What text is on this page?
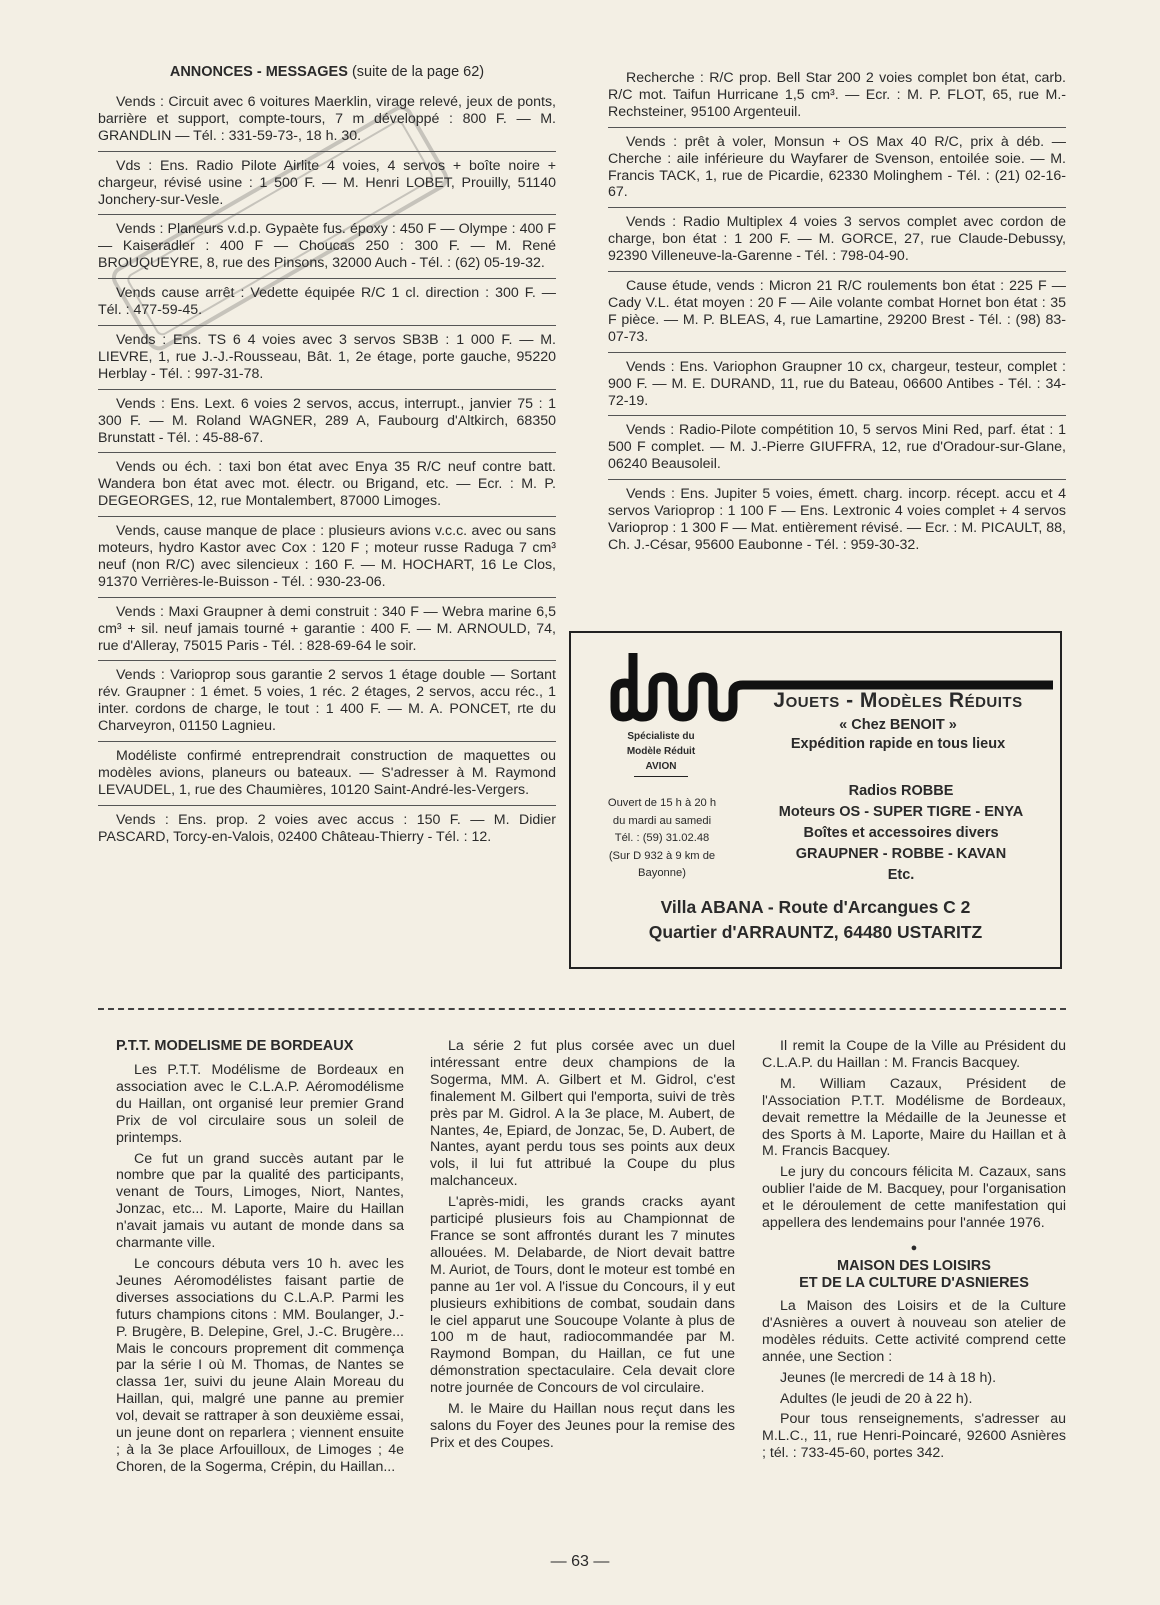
ANNONCES - MESSAGES (suite de la page 62)

Vends : Circuit avec 6 voitures Maerklin, virage relevé, jeux de ponts, barrière et support, compte-tours, 7 m développé : 800 F. — M. GRANDLIN — Tél. : 331-59-73-, 18 h. 30.

Vds : Ens. Radio Pilote Airlite 4 voies, 4 servos + boîte noire + chargeur, révisé usine : 1 500 F. — M. Henri LOBET, Prouilly, 51140 Jonchery-sur-Vesle.

Vends : Planeurs v.d.p. Gypaète fus. époxy : 450 F — Olympe : 400 F — Kaiseradler : 400 F — Choucas 250 : 300 F. — M. René BROUQUEYRE, 8, rue des Pinsons, 32000 Auch - Tél. : (62) 05-19-32.

Vends cause arrêt : Vedette équipée R/C 1 cl. direction : 300 F. — Tél. : 477-59-45.

Vends : Ens. TS 6 4 voies avec 3 servos SB3B : 1 000 F. — M. LIEVRE, 1, rue J.-J.-Rousseau, Bât. 1, 2e étage, porte gauche, 95220 Herblay - Tél. : 997-31-78.

Vends : Ens. Lext. 6 voies 2 servos, accus, interrupt., janvier 75 : 1 300 F. — M. Roland WAGNER, 289 A, Faubourg d'Altkirch, 68350 Brunstatt - Tél. : 45-88-67.

Vends ou éch. : taxi bon état avec Enya 35 R/C neuf contre batt. Wandera bon état avec mot. électr. ou Brigand, etc. — Ecr. : M. P. DEGEORGES, 12, rue Montalembert, 87000 Limoges.

Vends, cause manque de place : plusieurs avions v.c.c. avec ou sans moteurs, hydro Kastor avec Cox : 120 F ; moteur russe Raduga 7 cm³ neuf (non R/C) avec silencieux : 160 F. — M. HOCHART, 16 Le Clos, 91370 Verrières-le-Buisson - Tél. : 930-23-06.

Vends : Maxi Graupner à demi construit : 340 F — Webra marine 6,5 cm³ + sil. neuf jamais tourné + garantie : 400 F. — M. ARNOULD, 74, rue d'Alleray, 75015 Paris - Tél. : 828-69-64 le soir.

Vends : Varioprop sous garantie 2 servos 1 étage double — Sortant rév. Graupner : 1 émet. 5 voies, 1 réc. 2 étages, 2 servos, accu réc., 1 inter. cordons de charge, le tout : 1 400 F. — M. A. PONCET, rte du Charveyron, 01150 Lagnieu.

Modéliste confirmé entreprendrait construction de maquettes ou modèles avions, planeurs ou bateaux. — S'adresser à M. Raymond LEVAUDEL, 1, rue des Chaumières, 10120 Saint-André-les-Vergers.

Vends : Ens. prop. 2 voies avec accus : 150 F. — M. Didier PASCARD, Torcy-en-Valois, 02400 Château-Thierry - Tél. : 12.

Recherche : R/C prop. Bell Star 200 2 voies complet bon état, carb. R/C mot. Taifun Hurricane 1,5 cm³. — Ecr. : M. P. FLOT, 65, rue M.-Rechsteiner, 95100 Argenteuil.

Vends : prêt à voler, Monsun + OS Max 40 R/C, prix à déb. — Cherche : aile inférieure du Wayfarer de Svenson, entoilée soie. — M. Francis TACK, 1, rue de Picardie, 62330 Molinghem - Tél. : (21) 02-16-67.

Vends : Radio Multiplex 4 voies 3 servos complet avec cordon de charge, bon état : 1 200 F. — M. GORCE, 27, rue Claude-Debussy, 92390 Villeneuve-la-Garenne - Tél. : 798-04-90.

Cause étude, vends : Micron 21 R/C roulements bon état : 225 F — Cady V.L. état moyen : 20 F — Aile volante combat Hornet bon état : 35 F pièce. — M. P. BLEAS, 4, rue Lamartine, 29200 Brest - Tél. : (98) 83-07-73.

Vends : Ens. Variophon Graupner 10 cx, chargeur, testeur, complet : 900 F. — M. E. DURAND, 11, rue du Bateau, 06600 Antibes - Tél. : 34-72-19.

Vends : Radio-Pilote compétition 10, 5 servos Mini Red, parf. état : 1 500 F complet. — M. J.-Pierre GIUFFRA, 12, rue d'Oradour-sur-Glane, 06240 Beausoleil.

Vends : Ens. Jupiter 5 voies, émett. charg. incorp. récept. accu et 4 servos Varioprop : 1 100 F — Ens. Lextronic 4 voies complet + 4 servos Varioprop : 1 300 F — Mat. entièrement révisé. — Ecr. : M. PICAULT, 88, Ch. J.-César, 95600 Eaubonne - Tél. : 959-30-32.

Jouets - Modèles Réduits
« Chez BENOIT »
Expédition rapide en tous lieux
Spécialiste du
Modèle Réduit
AVION
Ouvert de 15 h à 20 h
du mardi au samedi
Tél. : (59) 31.02.48
(Sur D 932 à 9 km de
Bayonne)
Radios ROBBE
Moteurs OS - SUPER TIGRE - ENYA
Boîtes et accessoires divers
GRAUPNER - ROBBE - KAVAN
Etc.
Villa ABANA - Route d'Arcangues C 2
Quartier d'ARRAUNTZ, 64480 USTARITZ
P.T.T. MODELISME DE BORDEAUX

Les P.T.T. Modélisme de Bordeaux en association avec le C.L.A.P. Aéromodélisme du Haillan, ont organisé leur premier Grand Prix de vol circulaire sous un soleil de printemps.

Ce fut un grand succès autant par le nombre que par la qualité des participants, venant de Tours, Limoges, Niort, Nantes, Jonzac, etc... M. Laporte, Maire du Haillan n'avait jamais vu autant de monde dans sa charmante ville.

Le concours débuta vers 10 h. avec les Jeunes Aéromodélistes faisant partie de diverses associations du C.L.A.P. Parmi les futurs champions citons : MM. Boulanger, J.-P. Brugère, B. Delepine, Grel, J.-C. Brugère... Mais le concours proprement dit commença par la série I où M. Thomas, de Nantes se classa 1er, suivi du jeune Alain Moreau du Haillan, qui, malgré une panne au premier vol, devait se rattraper à son deuxième essai, un jeune dont on reparlera ; viennent ensuite ; à la 3e place Arfouilloux, de Limoges ; 4e Choren, de la Sogerma, Crépin, du Haillan...

La série 2 fut plus corsée avec un duel intéressant entre deux champions de la Sogerma, MM. A. Gilbert et M. Gidrol, c'est finalement M. Gilbert qui l'emporta, suivi de très près par M. Gidrol. A la 3e place, M. Aubert, de Nantes, 4e, Epiard, de Jonzac, 5e, D. Aubert, de Nantes, ayant perdu tous ses points aux deux vols, il lui fut attribué la Coupe du plus malchanceux.

L'après-midi, les grands cracks ayant participé plusieurs fois au Championnat de France se sont affrontés durant les 7 minutes allouées. M. Delabarde, de Niort devait battre M. Auriot, de Tours, dont le moteur est tombé en panne au 1er vol. A l'issue du Concours, il y eut plusieurs exhibitions de combat, soudain dans le ciel apparut une Soucoupe Volante à plus de 100 m de haut, radiocommandée par M. Raymond Bompan, du Haillan, ce fut une démonstration spectaculaire. Cela devait clore notre journée de Concours de vol circulaire.

M. le Maire du Haillan nous reçut dans les salons du Foyer des Jeunes pour la remise des Prix et des Coupes.

Il remit la Coupe de la Ville au Président du C.L.A.P. du Haillan : M. Francis Bacquey.

M. William Cazaux, Président de l'Association P.T.T. Modélisme de Bordeaux, devait remettre la Médaille de la Jeunesse et des Sports à M. Laporte, Maire du Haillan et à M. Francis Bacquey.

Le jury du concours félicita M. Cazaux, sans oublier l'aide de M. Bacquey, pour l'organisation et le déroulement de cette manifestation qui appellera des lendemains pour l'année 1976.

●
MAISON DES LOISIRS
ET DE LA CULTURE D'ASNIERES

La Maison des Loisirs et de la Culture d'Asnières a ouvert à nouveau son atelier de modèles réduits. Cette activité comprend cette année, une Section :

Jeunes (le mercredi de 14 à 18 h).

Adultes (le jeudi de 20 à 22 h).

Pour tous renseignements, s'adresser au M.L.C., 11, rue Henri-Poincaré, 92600 Asnières ; tél. : 733-45-60, portes 342.

— 63 —
